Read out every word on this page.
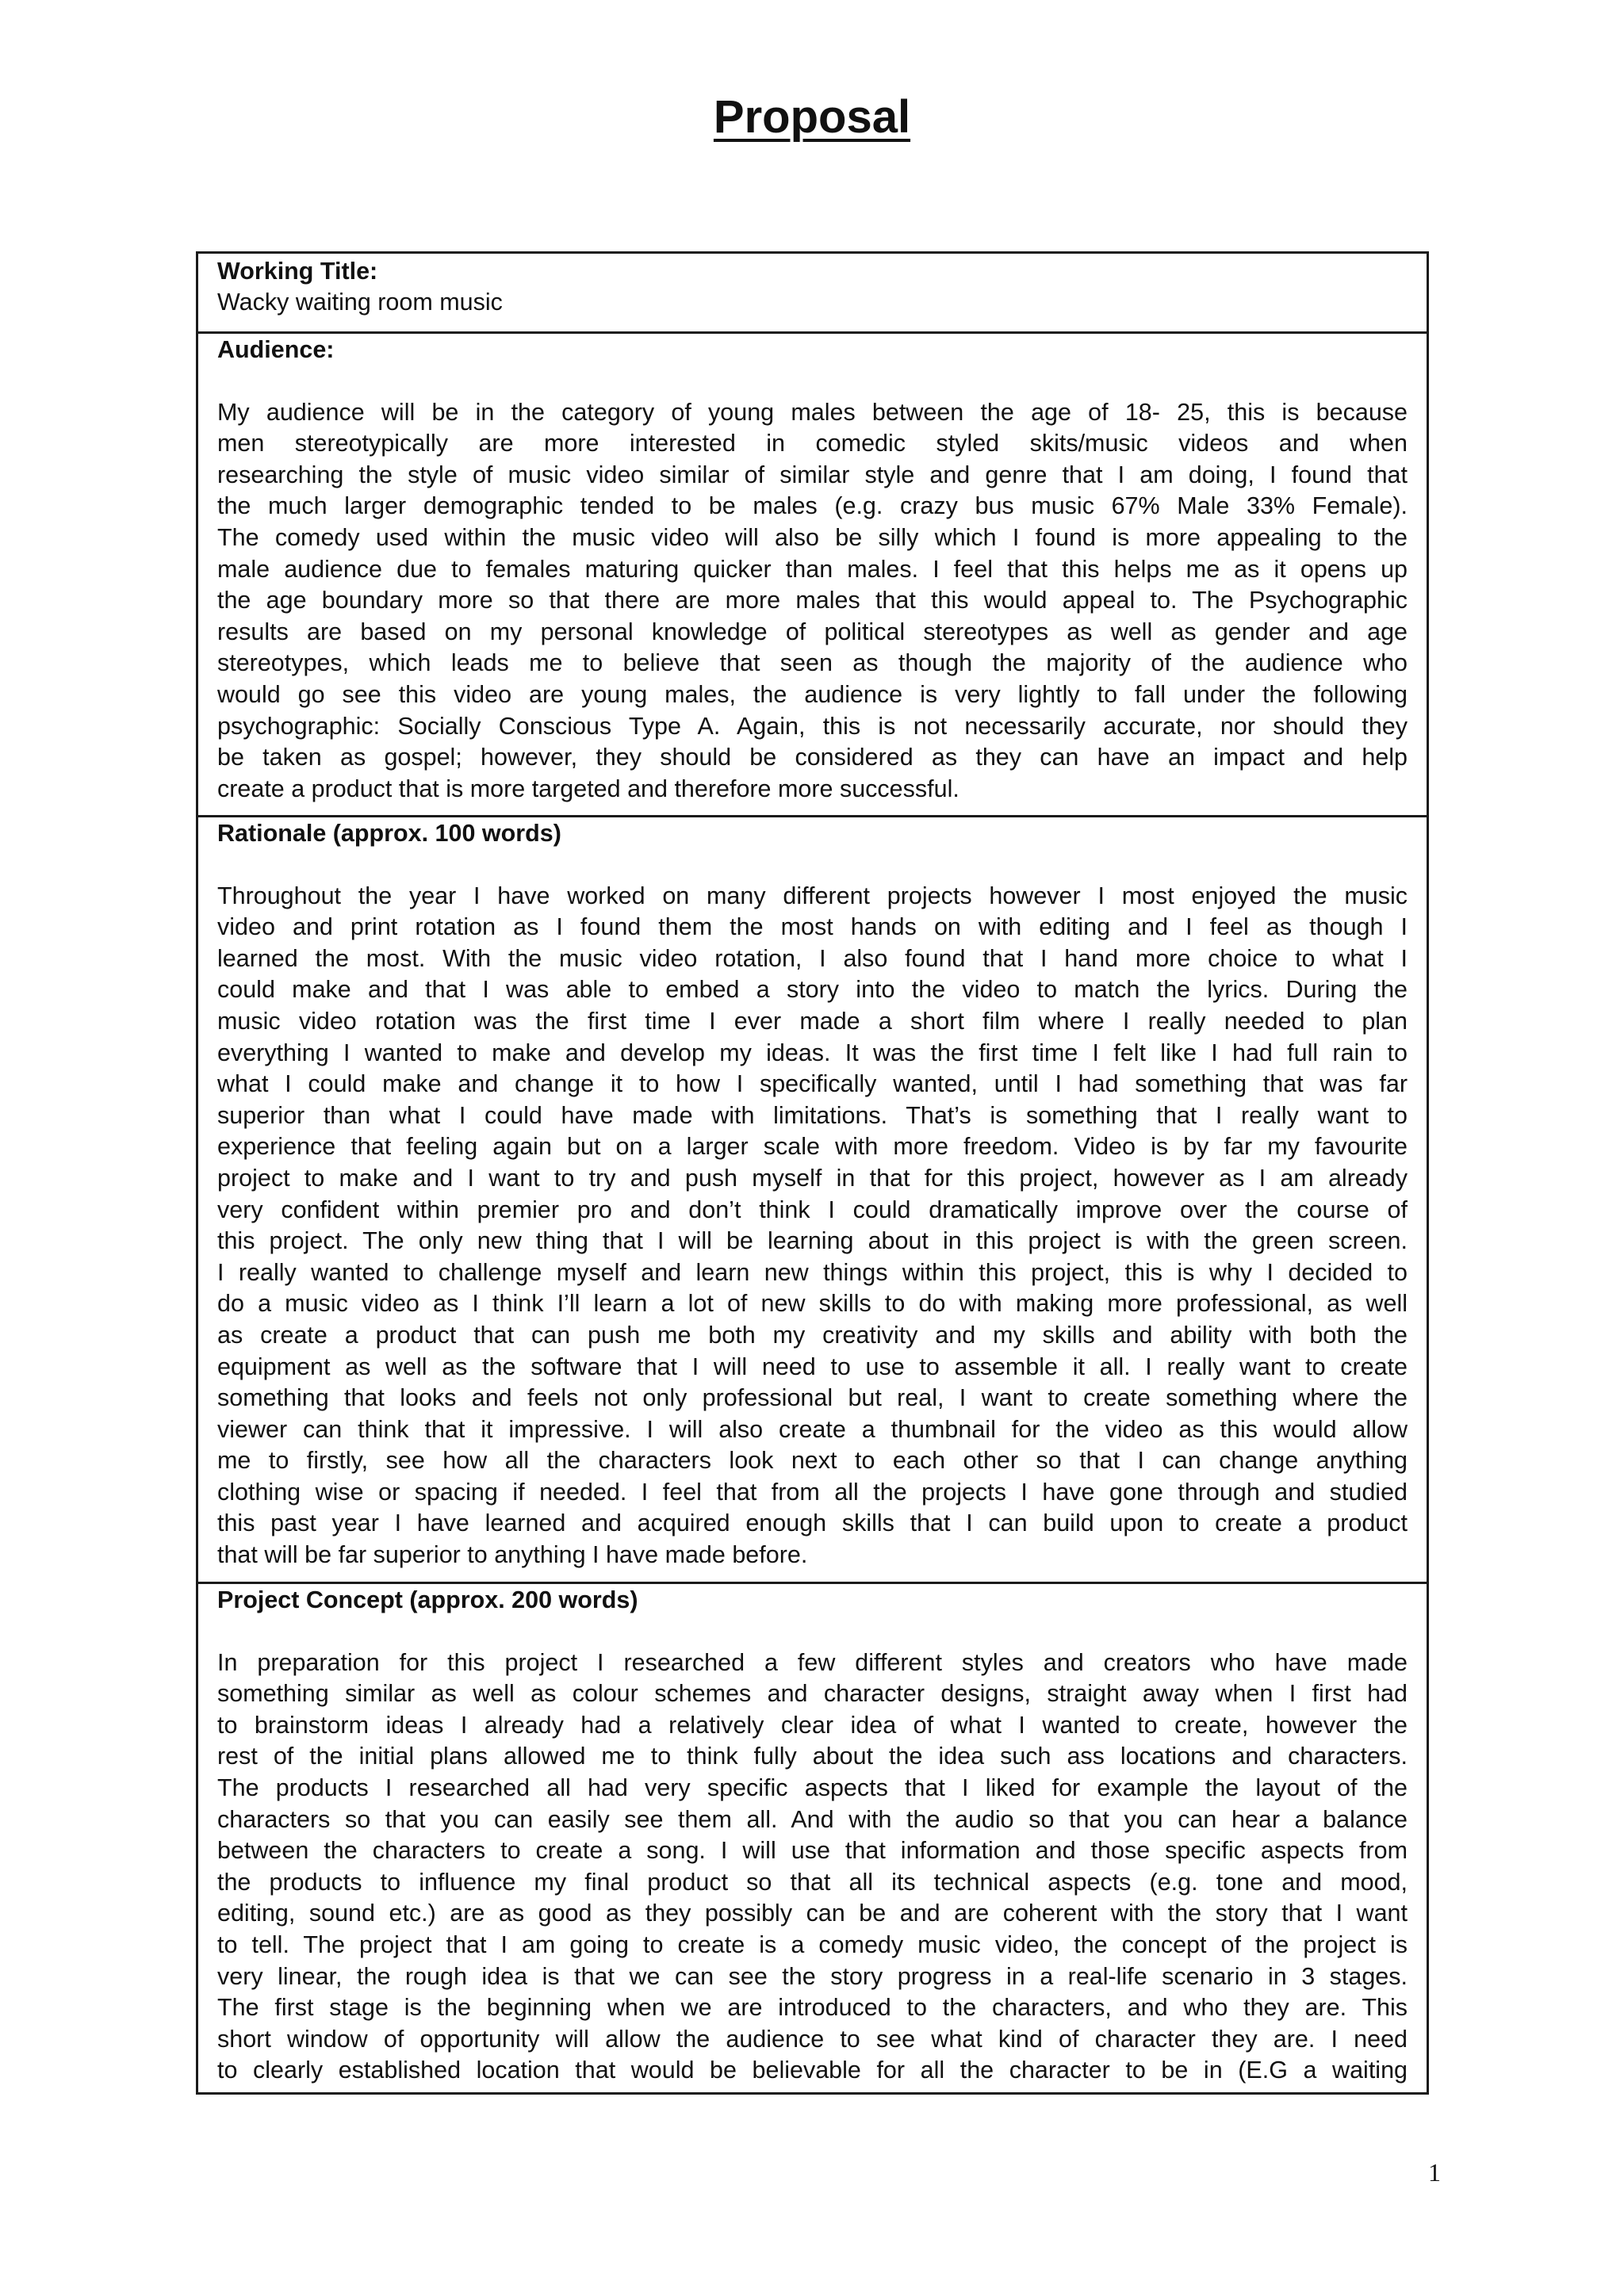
Proposal

Working Title:

Wacky waiting room music

Audience:

My audience will be in the category of young males between the age of 18- 25, this is because
men stereotypically are more interested in comedic styled skits/music videos and when
researching the style of music video similar of similar style and genre that I am doing, I found that
the much larger demographic tended to be males (e.g. crazy bus music 67% Male 33% Female).
The comedy used within the music video will also be silly which I found is more appealing to the
male audience due to females maturing quicker than males. I feel that this helps me as it opens up
the age boundary more so that there are more males that this would appeal to. The Psychographic
results are based on my personal knowledge of political stereotypes as well as gender and age
stereotypes, which leads me to believe that seen as though the majority of the audience who
would go see this video are young males, the audience is very lightly to fall under the following
psychographic: Socially Conscious Type A. Again, this is not necessarily accurate, nor should they
be taken as gospel; however, they should be considered as they can have an impact and help
create a product that is more targeted and therefore more successful.

Rationale (approx. 100 words)

Throughout the year I have worked on many different projects however I most enjoyed the music
video and print rotation as I found them the most hands on with editing and I feel as though I
learned the most. With the music video rotation, I also found that I hand more choice to what I
could make and that I was able to embed a story into the video to match the lyrics. During the
music video rotation was the first time I ever made a short film where I really needed to plan
everything I wanted to make and develop my ideas. It was the first time I felt like I had full rain to
what I could make and change it to how I specifically wanted, until I had something that was far
superior than what I could have made with limitations. That’s is something that I really want to
experience that feeling again but on a larger scale with more freedom. Video is by far my favourite
project to make and I want to try and push myself in that for this project, however as I am already
very confident within premier pro and don’t think I could dramatically improve over the course of
this project. The only new thing that I will be learning about in this project is with the green screen.
I really wanted to challenge myself and learn new things within this project, this is why I decided to
do a music video as I think I’ll learn a lot of new skills to do with making more professional, as well
as create a product that can push me both my creativity and my skills and ability with both the
equipment as well as the software that I will need to use to assemble it all. I really want to create
something that looks and feels not only professional but real, I want to create something where the
viewer can think that it impressive. I will also create a thumbnail for the video as this would allow
me to firstly, see how all the characters look next to each other so that I can change anything
clothing wise or spacing if needed. I feel that from all the projects I have gone through and studied
this past year I have learned and acquired enough skills that I can build upon to create a product
that will be far superior to anything I have made before.

Project Concept (approx. 200 words)

In preparation for this project I researched a few different styles and creators who have made
something similar as well as colour schemes and character designs, straight away when I first had
to brainstorm ideas I already had a relatively clear idea of what I wanted to create, however the
rest of the initial plans allowed me to think fully about the idea such ass locations and characters.
The products I researched all had very specific aspects that I liked for example the layout of the
characters so that you can easily see them all. And with the audio so that you can hear a balance
between the characters to create a song. I will use that information and those specific aspects from
the products to influence my final product so that all its technical aspects (e.g. tone and mood,
editing, sound etc.) are as good as they possibly can be and are coherent with the story that I want
to tell. The project that I am going to create is a comedy music video, the concept of the project is
very linear, the rough idea is that we can see the story progress in a real-life scenario in 3 stages.
The first stage is the beginning when we are introduced to the characters, and who they are. This
short window of opportunity will allow the audience to see what kind of character they are. I need
to clearly established location that would be believable for all the character to be in (E.G a waiting
1
